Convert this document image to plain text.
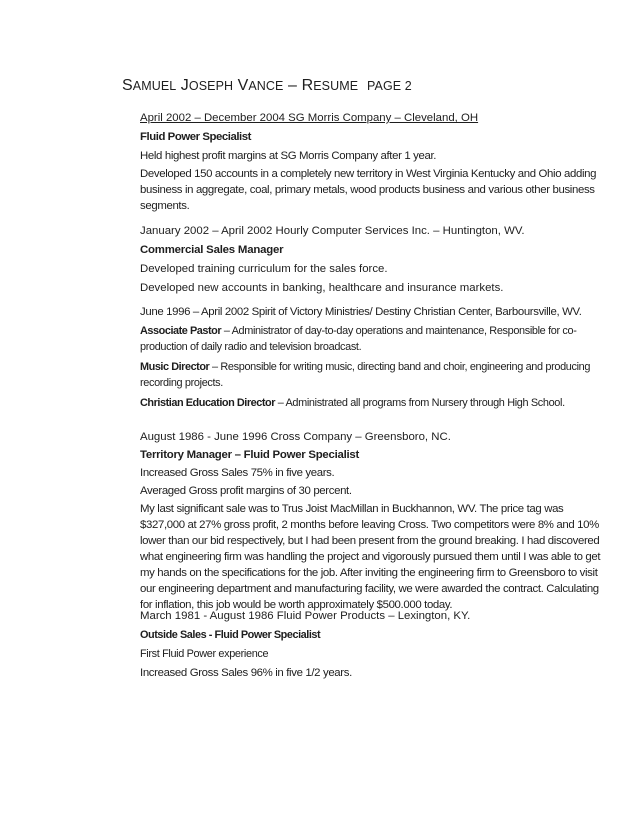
SAMUEL JOSEPH VANCE – RESUME PAGE 2
April 2002 – December 2004 SG Morris Company – Cleveland, OH
Fluid Power Specialist
Held highest profit margins at SG Morris Company after 1 year.
Developed 150 accounts in a completely new territory in West Virginia Kentucky and Ohio adding business in aggregate, coal, primary metals, wood products business and various other business segments.
January 2002 – April 2002 Hourly Computer Services Inc. – Huntington, WV.
Commercial Sales Manager
Developed training curriculum for the sales force.
Developed new accounts in banking, healthcare and insurance markets.
June 1996 – April 2002 Spirit of Victory Ministries/ Destiny Christian Center, Barboursville, WV.
Associate Pastor – Administrator of day-to-day operations and maintenance, Responsible for co-production of daily radio and television broadcast.
Music Director – Responsible for writing music, directing band and choir, engineering and producing recording projects.
Christian Education Director – Administrated all programs from Nursery through High School.
August 1986 - June 1996 Cross Company – Greensboro, NC.
Territory Manager – Fluid Power Specialist
Increased Gross Sales 75% in five years.
Averaged Gross profit margins of 30 percent.
My last significant sale was to Trus Joist MacMillan in Buckhannon, WV. The price tag was $327,000 at 27% gross profit, 2 months before leaving Cross. Two competitors were 8% and 10% lower than our bid respectively, but I had been present from the ground breaking. I had discovered what engineering firm was handling the project and vigorously pursued them until I was able to get my hands on the specifications for the job. After inviting the engineering firm to Greensboro to visit our engineering department and manufacturing facility, we were awarded the contract. Calculating for inflation, this job would be worth approximately $500.000 today.
March 1981 - August 1986 Fluid Power Products – Lexington, KY.
Outside Sales - Fluid Power Specialist
First Fluid Power experience
Increased Gross Sales 96% in five 1/2 years.
